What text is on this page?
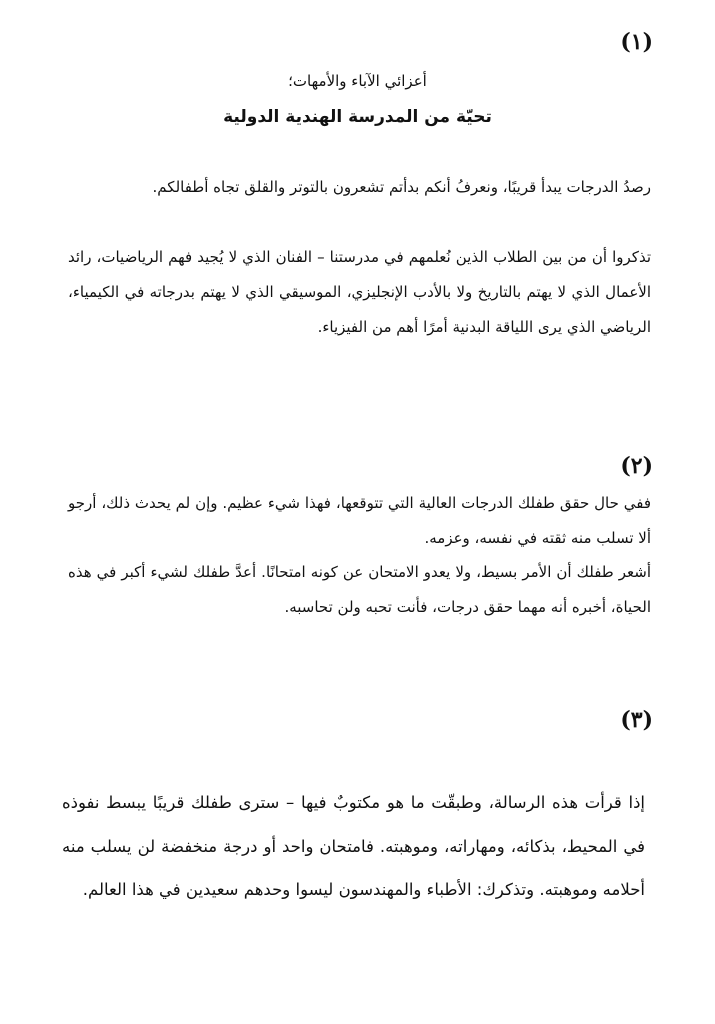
(١)
أعزائي الآباء والأمهات؛
تحيّة من المدرسة الهندية الدولية

رصدُ الدرجات يبدأ قريبًا، ونعرفُ أنكم بدأتم تشعرون بالتوتر والقلق تجاه أطفالكم.

تذكروا أن من بين الطلاب الذين نُعلمهم في مدرستنا – الفنان الذي لا يُجيد فهم الرياضيات، رائد الأعمال الذي لا يهتم بالتاريخ ولا بالأدب الإنجليزي، الموسيقي الذي لا يهتم بدرجاته في الكيمياء، الرياضي الذي يرى اللياقة البدنية أمرًا أهم من الفيزياء.

(٢)

ففي حال حقق طفلك الدرجات العالية التي تتوقعها، فهذا شيء عظيم. وإن لم يحدث ذلك، أرجو ألا تسلب منه ثقته في نفسه، وعزمه.

أشعر طفلك أن الأمر بسيط، ولا يعدو الامتحان عن كونه امتحانًا. أعدَّ طفلك لشيء أكبر في هذه الحياة، أخبره أنه مهما حقق درجات، فأنت تحبه ولن تحاسبه.

(٣)

إذا قرأت هذه الرسالة، وطبقّت ما هو مكتوبٌ فيها – سترى طفلك قريبًا يبسط نفوذه في المحيط، بذكائه، ومهاراته، وموهبته. فامتحان واحد أو درجة منخفضة لن يسلب منه أحلامه وموهبته. وتذكرك: الأطباء والمهندسون ليسوا وحدهم سعيدين في هذا العالم.
